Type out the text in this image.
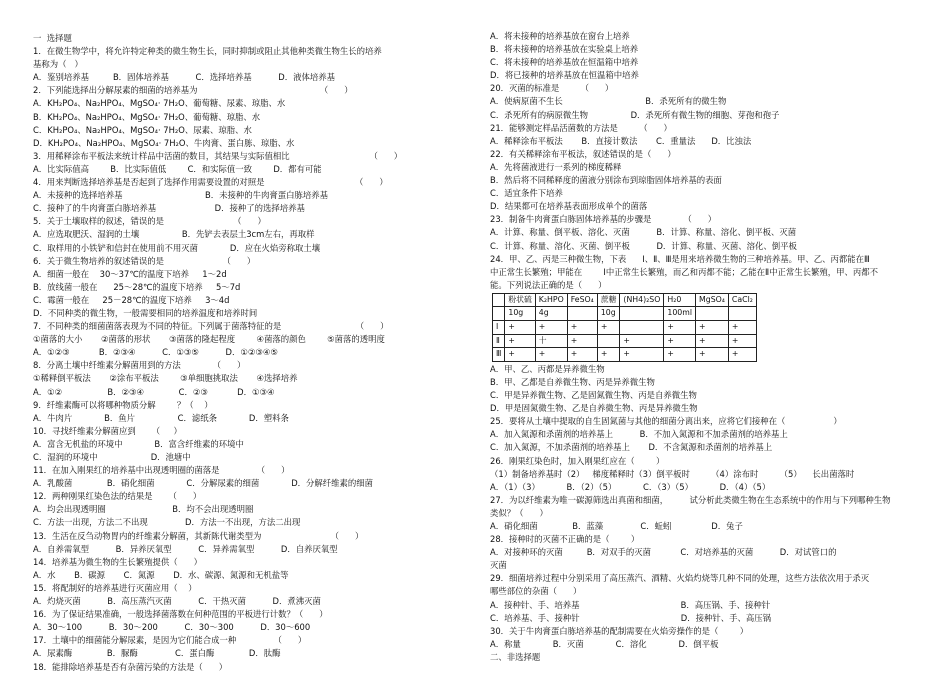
一  选择题
1．在微生物学中，将允许特定种类的微生物生长，同时抑制或阻止其他种类微生物生长的培养
基称为（   ）
A．鉴别培养基         B．固体培养基          C．选择培养基          D．液体培养基
2．下列能选择出分解尿素的细菌的培养基为                                              （      ）
A．KH₂PO₄、Na₂HPO₄、MgSO₄· 7H₂O、葡萄糖、尿素、琼脂、水
B．KH₂PO₄、Na₂HPO₄、MgSO₄· 7H₂O、葡萄糖、琼脂、水
C．KH₂PO₄、Na₂HPO₄、MgSO₄· 7H₂O、尿素、琼脂、水
D．KH₂PO₄、Na₂HPO₄、MgSO₄· 7H₂O、牛肉膏、蛋白胨、琼脂、水
3．用稀释涂布平板法来统计样品中活菌的数目，其结果与实际值相比                              （      ）
A．比实际值高        B．比实际值低        C．和实际值一致        D．都有可能
4．用来判断选择培养基是否起到了选择作用需要设置的对照是                                  （      ）
A．未接种的选择培养基                               B．未接种的牛肉膏蛋白胨培养基
C．接种了的牛肉膏蛋白胨培养基                      D．接种了的选择培养基
5．关于土壤取样的叙述，错误的是                          （      ）
A．应选取肥沃、湿润的土壤                B．先铲去表层土3cm左右，再取样
C．取样用的小铁铲和信封在使用前不用灭菌            D．应在火焰旁称取土壤
6．关于微生物培养的叙述错误的是                      （      ）
A．细菌一般在    30～37℃的温度下培养     1～2d
B．放线菌一般在      25～28℃的温度下培养     5～7d
C．霉菌一般在     25－28℃的温度下培养     3～4d
D．不同种类的微生物，一般需要相同的培养温度和培养时间
7．不同种类的细菌菌落表现为不同的特征。下列属于菌落特征的是                            （      ）
①菌落的大小       ②菌落的形状       ③菌落的隆起程度        ④菌落的颜色        ⑤菌落的透明度
A．①②③           B．②③④          C．①③⑤          D．①②③④⑤
8．分离土壤中纤维素分解菌用到的方法            （      ）
①稀释倒平板法       ②涂布平板法        ③单细胞挑取法       ④选择培养
A．①②                 B．②③④             C．②③           D．①③④
9．纤维素酶可以将哪种物质分解        ？（    ）
A．牛肉片            B．鱼片                C．滤纸条            D．塑料条
10．寻找纤维素分解菌应到      （     ）
A．富含无机盐的环境中            B．富含纤维素的环境中
C．湿润的环境中                    D．池塘中
11．在加入刚果红的培养基中出现透明圈的菌落是              （      ）
A．乳酸菌             B．硝化细菌            C．分解尿素的细菌            D．分解纤维素的细菌
12．两种刚果红染色法的结果是      （      ）
A．均会出现透明圈                         B．均不会出现透明圈
C．方法一出现，方法二不出现              D．方法一不出现，方法二出现
13．生活在反刍动物胃内的纤维素分解菌，其新陈代谢类型为                          （      ）
A．自养需氧型          B．异养厌氧型          C．异养需氧型          D．自养厌氧型
14．培养基为微生物的生长繁殖提供（      ）
A．水       B．碳源       C．氮源       D．水、碳源、氮源和无机盐等
15．将配制好的培养基进行灭菌应用（    ）
A．灼烧灭菌          B．高压蒸汽灭菌          C．干热灭菌          D．煮沸灭菌
16．为了保证结果准确，一般选择菌落数在何种范围的平板进行计数？（      ）
A．30～100          B．30～200          C．30～300          D．30～600
17．土壤中的细菌能分解尿素，是因为它们能合成一种              （      ）
A．尿素酶             B．脲酶              C．蛋白酶             D．肽酶
18．能排除培养基是否有杂菌污染的方法是（      ）
A．将未接种的培养基放在窗台上培养
B．将未接种的培养基放在实验桌上培养
C．将未接种的培养基放在恒温箱中培养
D．将已接种的培养基放在恒温箱中培养
20．灭菌的标准是        （      ）
A．使病原菌不生长                               B．杀死所有的微生物
C．杀死所有的病原微生物                D．杀死所有微生物的细胞、芽孢和孢子
21．能够测定样品活菌数的方法是        （      ）
A．稀释涂布平板法       B．直接计数法       C．重量法      D．比浊法
22．有关稀释涂布平板法，叙述错误的是（      ）
A．先将菌液进行一系列的梯度稀释
B．然后将不同稀释度的菌液分别涂布到琼脂固体培养基的表面
C．适宜条件下培养
D．结果都可在培养基表面形成单个的菌落
23．制备牛肉膏蛋白胨固体培养基的步骤是            （      ）
A．计算、称量、倒平板、溶化、灭菌          B．计算、称量、溶化、倒平板、灭菌
C．计算、称量、溶化、灭菌、倒平板          D．计算、称量、灭菌、溶化、倒平板
24．甲、乙、丙是三种微生物，下表      Ⅰ、Ⅱ、Ⅲ是用来培养微生物的三种培养基。甲、乙、丙都能在Ⅲ
中正常生长繁殖；甲能在        Ⅰ中正常生长繁殖，而乙和丙都不能；乙能在Ⅱ中正常生长繁殖，甲、丙都不
能。下列说法正确的是（      ）
	粉状硫	K₂HPO	FeSO₄	蔗糖	(NH4)₂SO	H₂0	MgSO₄	CaCl₂
	10g	4g		10g		100ml		
Ⅰ	+	+	+	+		+	+	+
Ⅱ	+	十	+		+	+	+	+
Ⅲ	+	+	+	+	+	+	+	+
A．甲、乙、丙都是异养微生物
B．甲、乙都是自养微生物、丙是异养微生物
C．甲是异养微生物、乙是固氮微生物、丙是自养微生物
D．甲是固氮微生物、乙是自养微生物、丙是异养微生物
25．要将从土壤中提取的自生固氮菌与其他的细菌分离出来，应将它们接种在（                  ）
A．加入氮源和杀菌剂的培养基上          B．不加入氮源和不加杀菌剂的培养基上
C．加入氮源，不加杀菌剂的培养基上       D．不含氮源和杀菌剂的培养基上
26．刚果红染色时，加入刚果红应在（        ）
（1）制备培养基时（2）   梯度稀释时（3）倒平板时        （4）涂布时        （5）    长出菌落时
A．（1）（3）          B．（2）（5）          C．（3）（5）          D．（4）（5）
27．为以纤维素为唯一碳源筛选出真菌和细菌，        试分析此类微生物在生态系统中的作用与下列哪种生物
类似？（      ）
A．硝化细菌             B．蓝藻              C．蚯蚓               D．兔子
28．接种时的灭菌不正确的是（        ）
A．对接种环的灭菌         B．对双手的灭菌           C．对培养基的灭菌          D．对试管口的
灭菌
29．细菌培养过程中分别采用了高压蒸汽、酒精、火焰灼烧等几种不同的处理，这些方法依次用于杀灭
哪些部位的杂菌（      ）
A．接种针、手、培养基                                      B．高压锅、手、接种针
C．培养基、手、接种针                                      D．接种针、手、高压锅
30．关于牛肉膏蛋白胨培养基的配制需要在火焰旁操作的是（        ）
A．称量            B．灭菌            C．溶化            D．倒平板
二、非选择题
